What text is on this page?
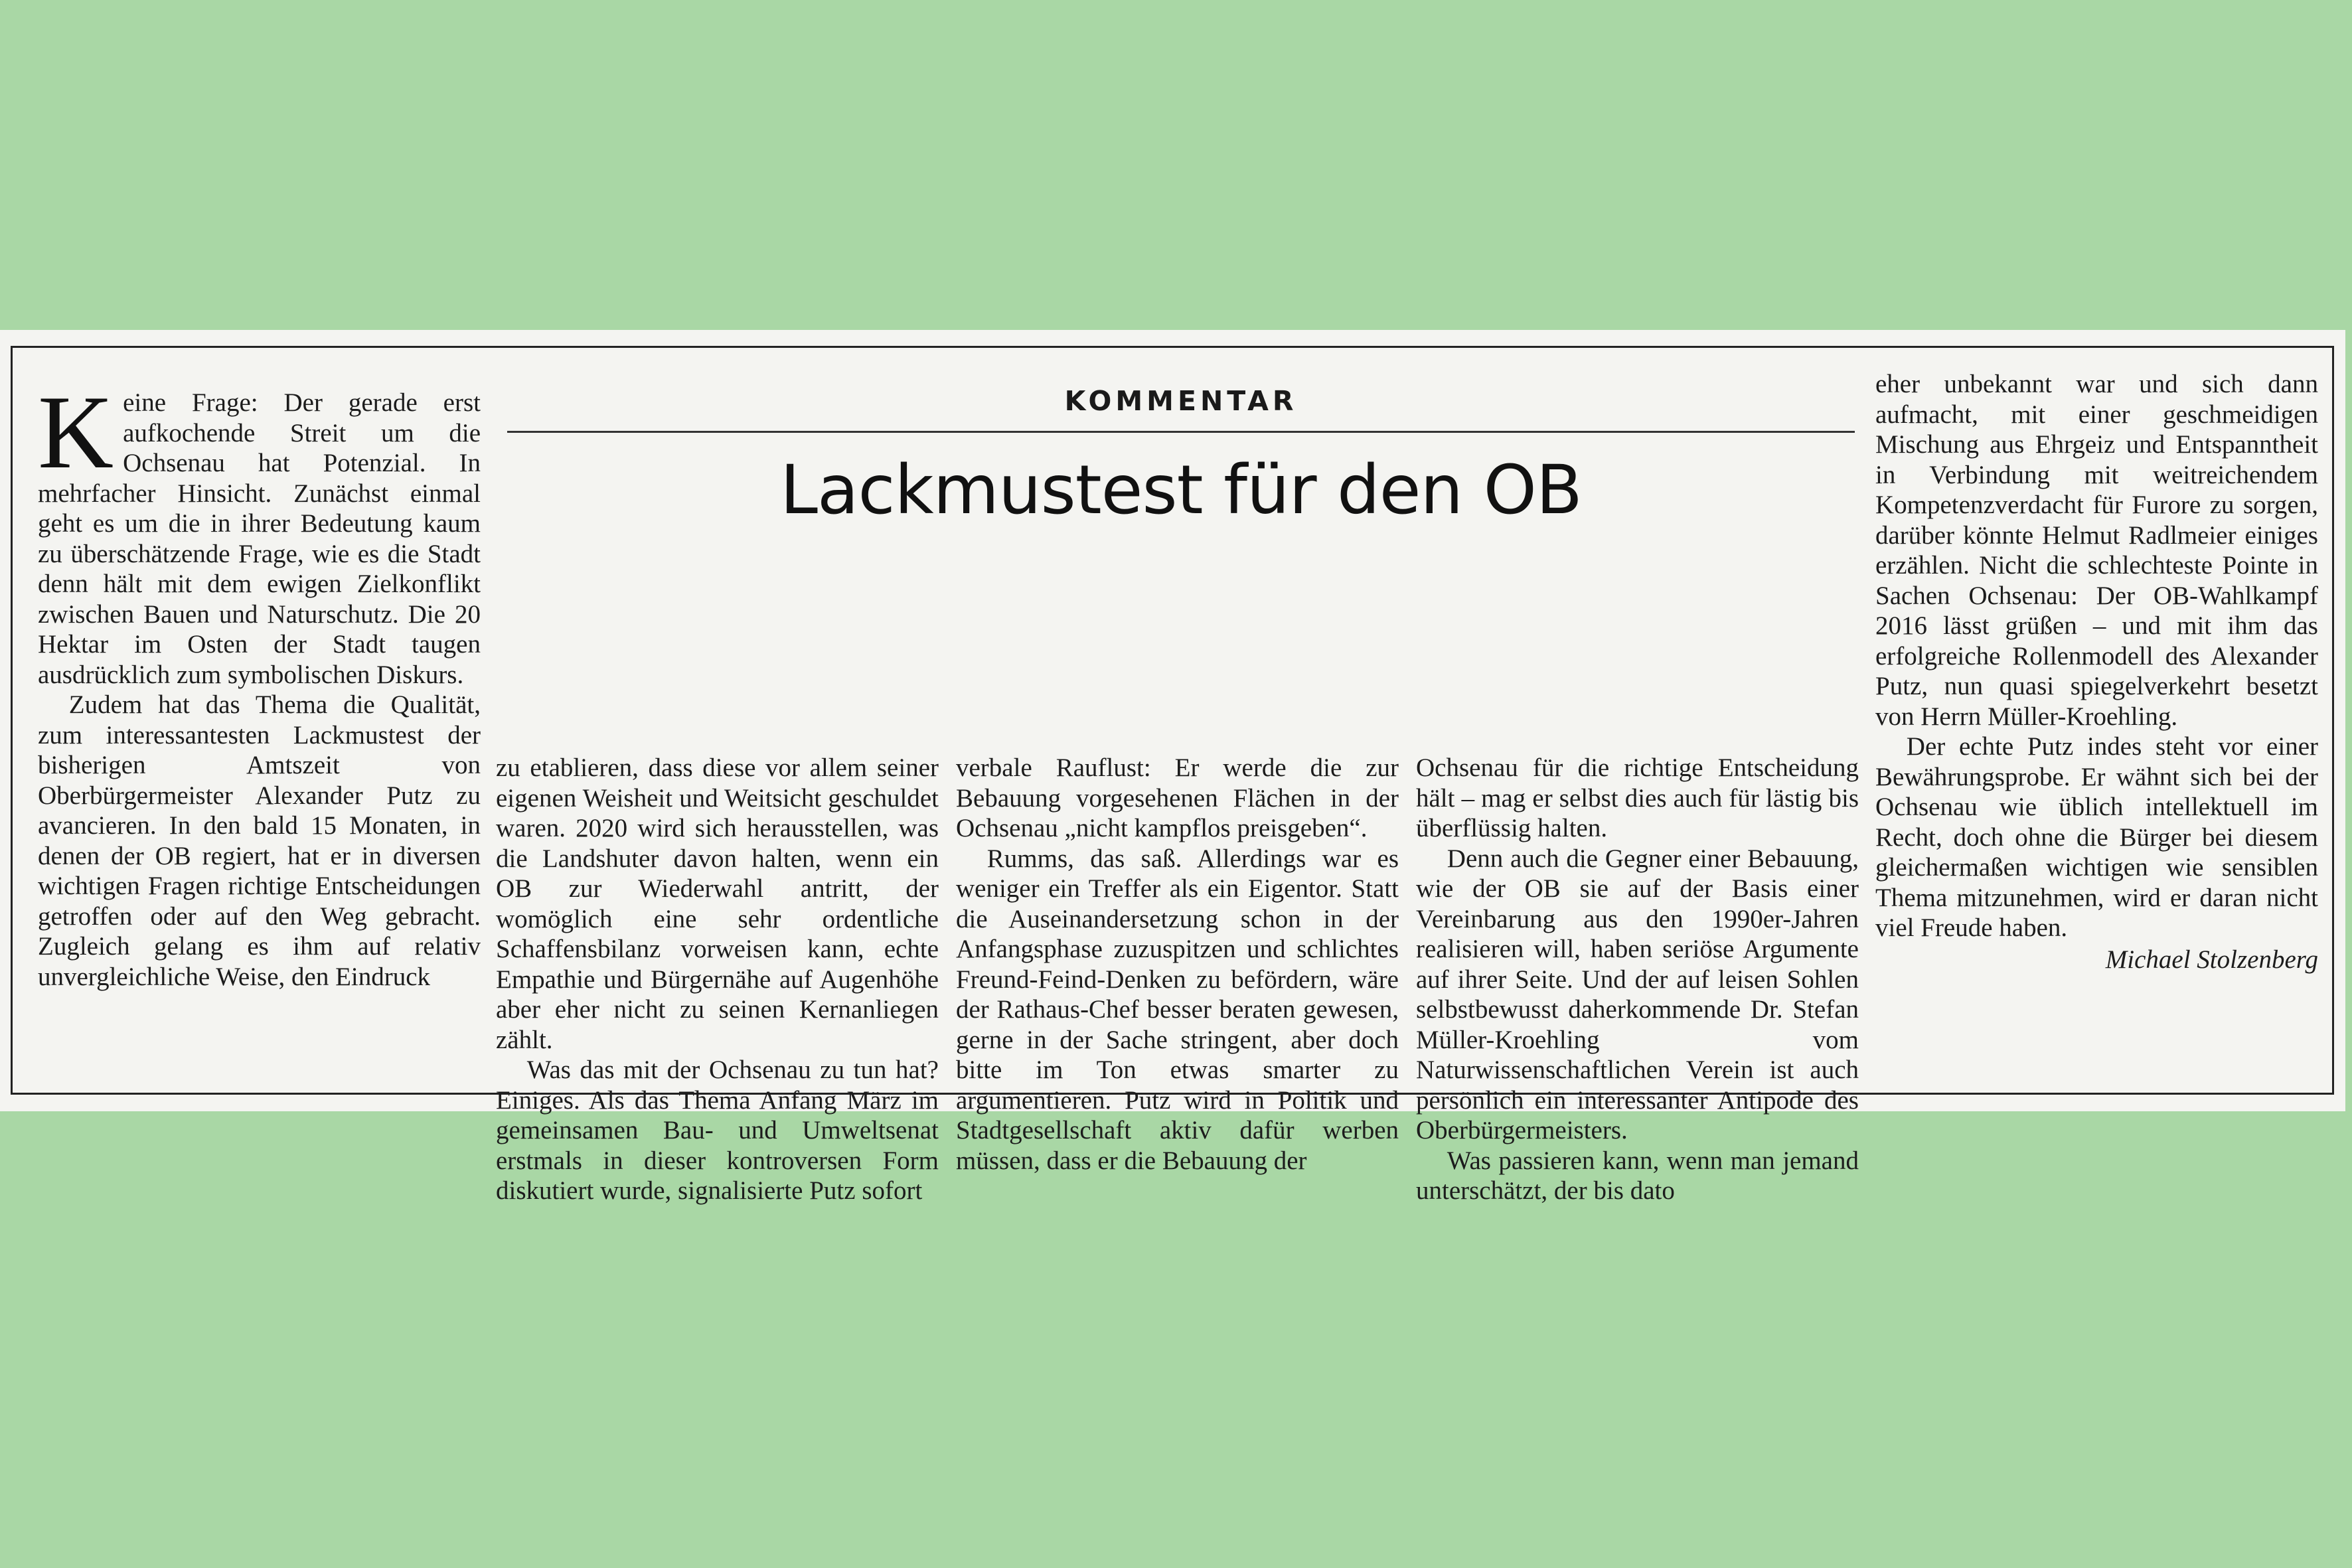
K eine Frage: Der gerade erst aufkochende Streit um die Ochsenau hat Potenzial. In mehrfacher Hinsicht. Zunächst einmal geht es um die in ihrer Bedeutung kaum zu überschätzende Frage, wie es die Stadt denn hält mit dem ewigen Zielkonflikt zwischen Bauen und Naturschutz. Die 20 Hektar im Osten der Stadt taugen ausdrücklich zum symbolischen Diskurs.

Zudem hat das Thema die Qualität, zum interessantesten Lackmustest der bisherigen Amtszeit von Oberbürgermeister Alexander Putz zu avancieren. In den bald 15 Monaten, in denen der OB regiert, hat er in diversen wichtigen Fragen richtige Entscheidungen getroffen oder auf den Weg gebracht. Zugleich gelang es ihm auf relativ unvergleichliche Weise, den Eindruck

KOMMENTAR
Lackmustest für den OB

zu etablieren, dass diese vor allem seiner eigenen Weisheit und Weitsicht geschuldet waren. 2020 wird sich herausstellen, was die Landshuter davon halten, wenn ein OB zur Wiederwahl antritt, der womöglich eine sehr ordentliche Schaffensbilanz vorweisen kann, echte Empathie und Bürgernähe auf Augenhöhe aber eher nicht zu seinen Kernanliegen zählt.

Was das mit der Ochsenau zu tun hat? Einiges. Als das Thema Anfang März im gemeinsamen Bau- und Umweltsenat erstmals in dieser kontroversen Form diskutiert wurde, signalisierte Putz sofort

verbale Rauflust: Er werde die zur Bebauung vorgesehenen Flächen in der Ochsenau „nicht kampflos preisgeben“.

Rumms, das saß. Allerdings war es weniger ein Treffer als ein Eigentor. Statt die Auseinandersetzung schon in der Anfangsphase zuzuspitzen und schlichtes Freund-Feind-Denken zu befördern, wäre der Rathaus-Chef besser beraten gewesen, gerne in der Sache stringent, aber doch bitte im Ton etwas smarter zu argumentieren. Putz wird in Politik und Stadtgesellschaft aktiv dafür werben müssen, dass er die Bebauung der

Ochsenau für die richtige Entscheidung hält – mag er selbst dies auch für lästig bis überflüssig halten.

Denn auch die Gegner einer Bebauung, wie der OB sie auf der Basis einer Vereinbarung aus den 1990er-Jahren realisieren will, haben seriöse Argumente auf ihrer Seite. Und der auf leisen Sohlen selbstbewusst daherkommende Dr. Stefan Müller-Kroehling vom Naturwissenschaftlichen Verein ist auch persönlich ein interessanter Antipode des Oberbürgermeisters.

Was passieren kann, wenn man jemand unterschätzt, der bis dato

eher unbekannt war und sich dann aufmacht, mit einer geschmeidigen Mischung aus Ehrgeiz und Entspanntheit in Verbindung mit weitreichendem Kompetenzverdacht für Furore zu sorgen, darüber könnte Helmut Radlmeier einiges erzählen. Nicht die schlechteste Pointe in Sachen Ochsenau: Der OB-Wahlkampf 2016 lässt grüßen – und mit ihm das erfolgreiche Rollenmodell des Alexander Putz, nun quasi spiegelverkehrt besetzt von Herrn Müller-Kroehling.

Der echte Putz indes steht vor einer Bewährungsprobe. Er wähnt sich bei der Ochsenau wie üblich intellektuell im Recht, doch ohne die Bürger bei diesem gleichermaßen wichtigen wie sensiblen Thema mitzunehmen, wird er daran nicht viel Freude haben.

Michael Stolzenberg
